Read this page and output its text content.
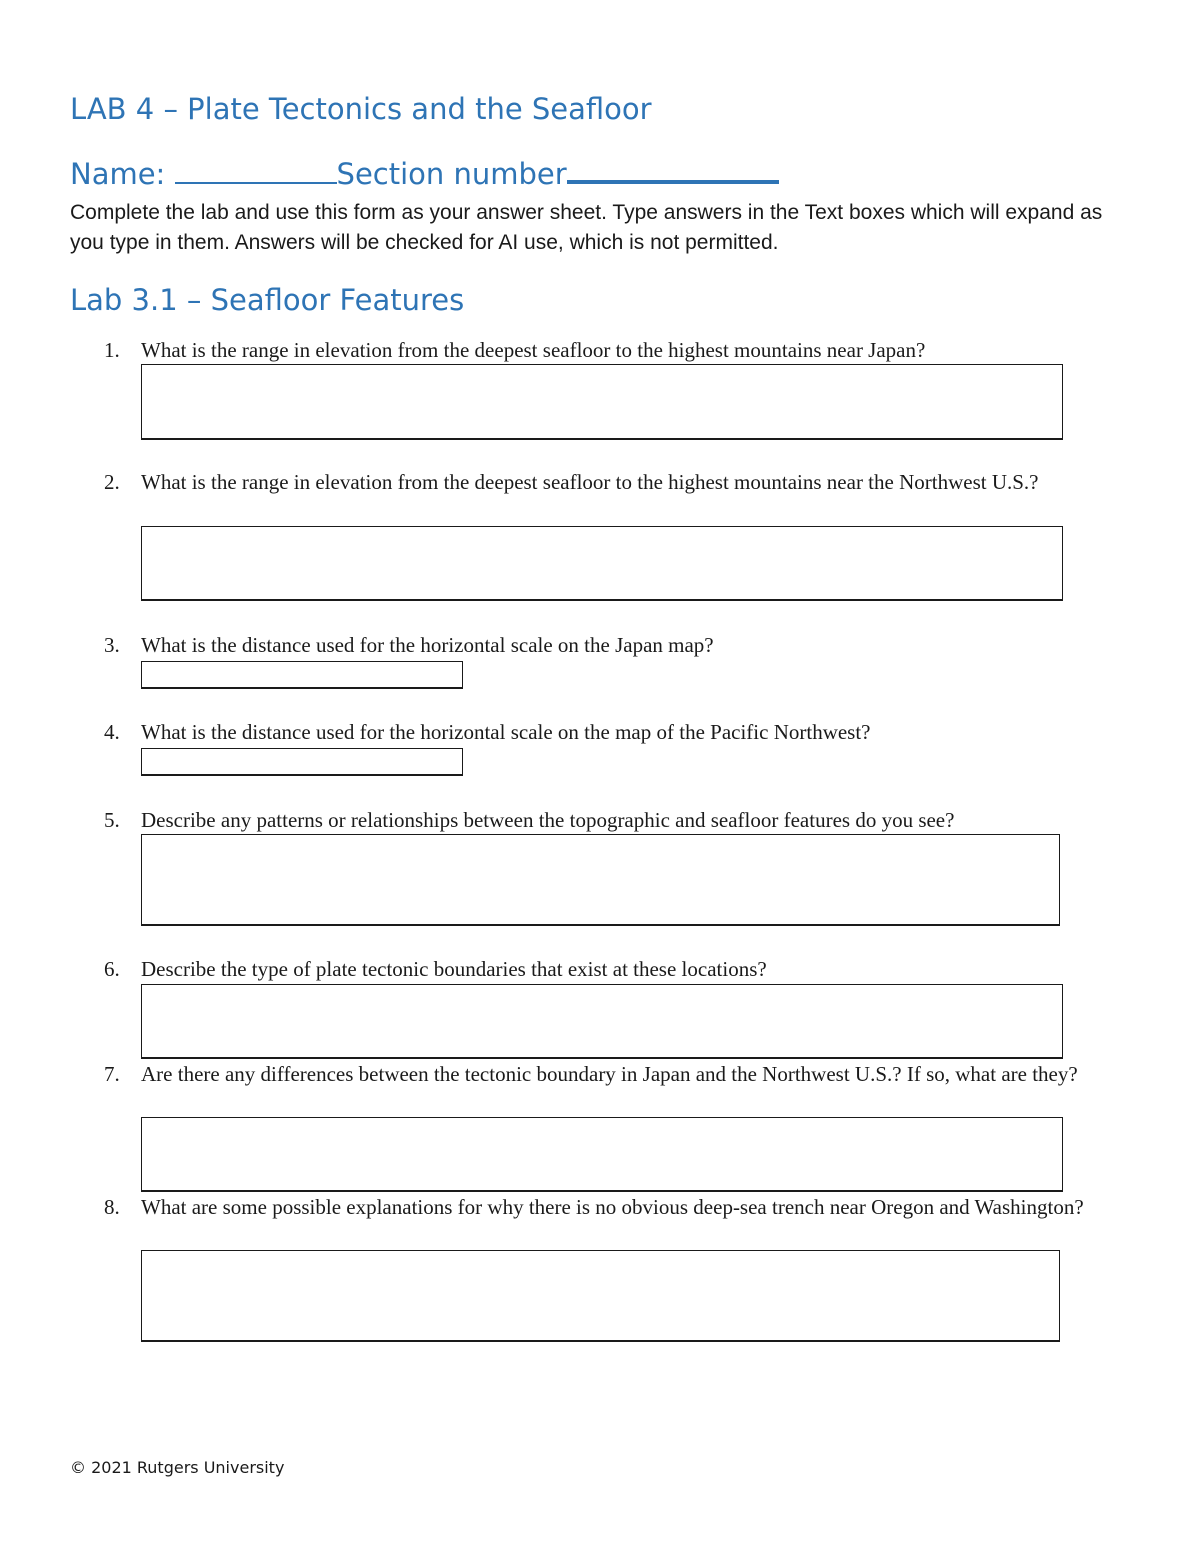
LAB 4 – Plate Tectonics and the Seafloor
Name:	Section number
Complete the lab and use this form as your answer sheet. Type answers in the Text boxes which will expand as you type in them. Answers will be checked for AI use, which is not permitted.
Lab 3.1 – Seafloor Features
1.	What is the range in elevation from the deepest seafloor to the highest mountains near Japan?
2.	What is the range in elevation from the deepest seafloor to the highest mountains near the Northwest U.S.?
3.	What is the distance used for the horizontal scale on the Japan map?
4.	What is the distance used for the horizontal scale on the map of the Pacific Northwest?
5.	Describe any patterns or relationships between the topographic and seafloor features do you see?
6.	Describe the type of plate tectonic boundaries that exist at these locations?
7.	Are there any differences between the tectonic boundary in Japan and the Northwest U.S.? If so, what are they?
8.	What are some possible explanations for why there is no obvious deep-sea trench near Oregon and Washington?
© 2021 Rutgers University
